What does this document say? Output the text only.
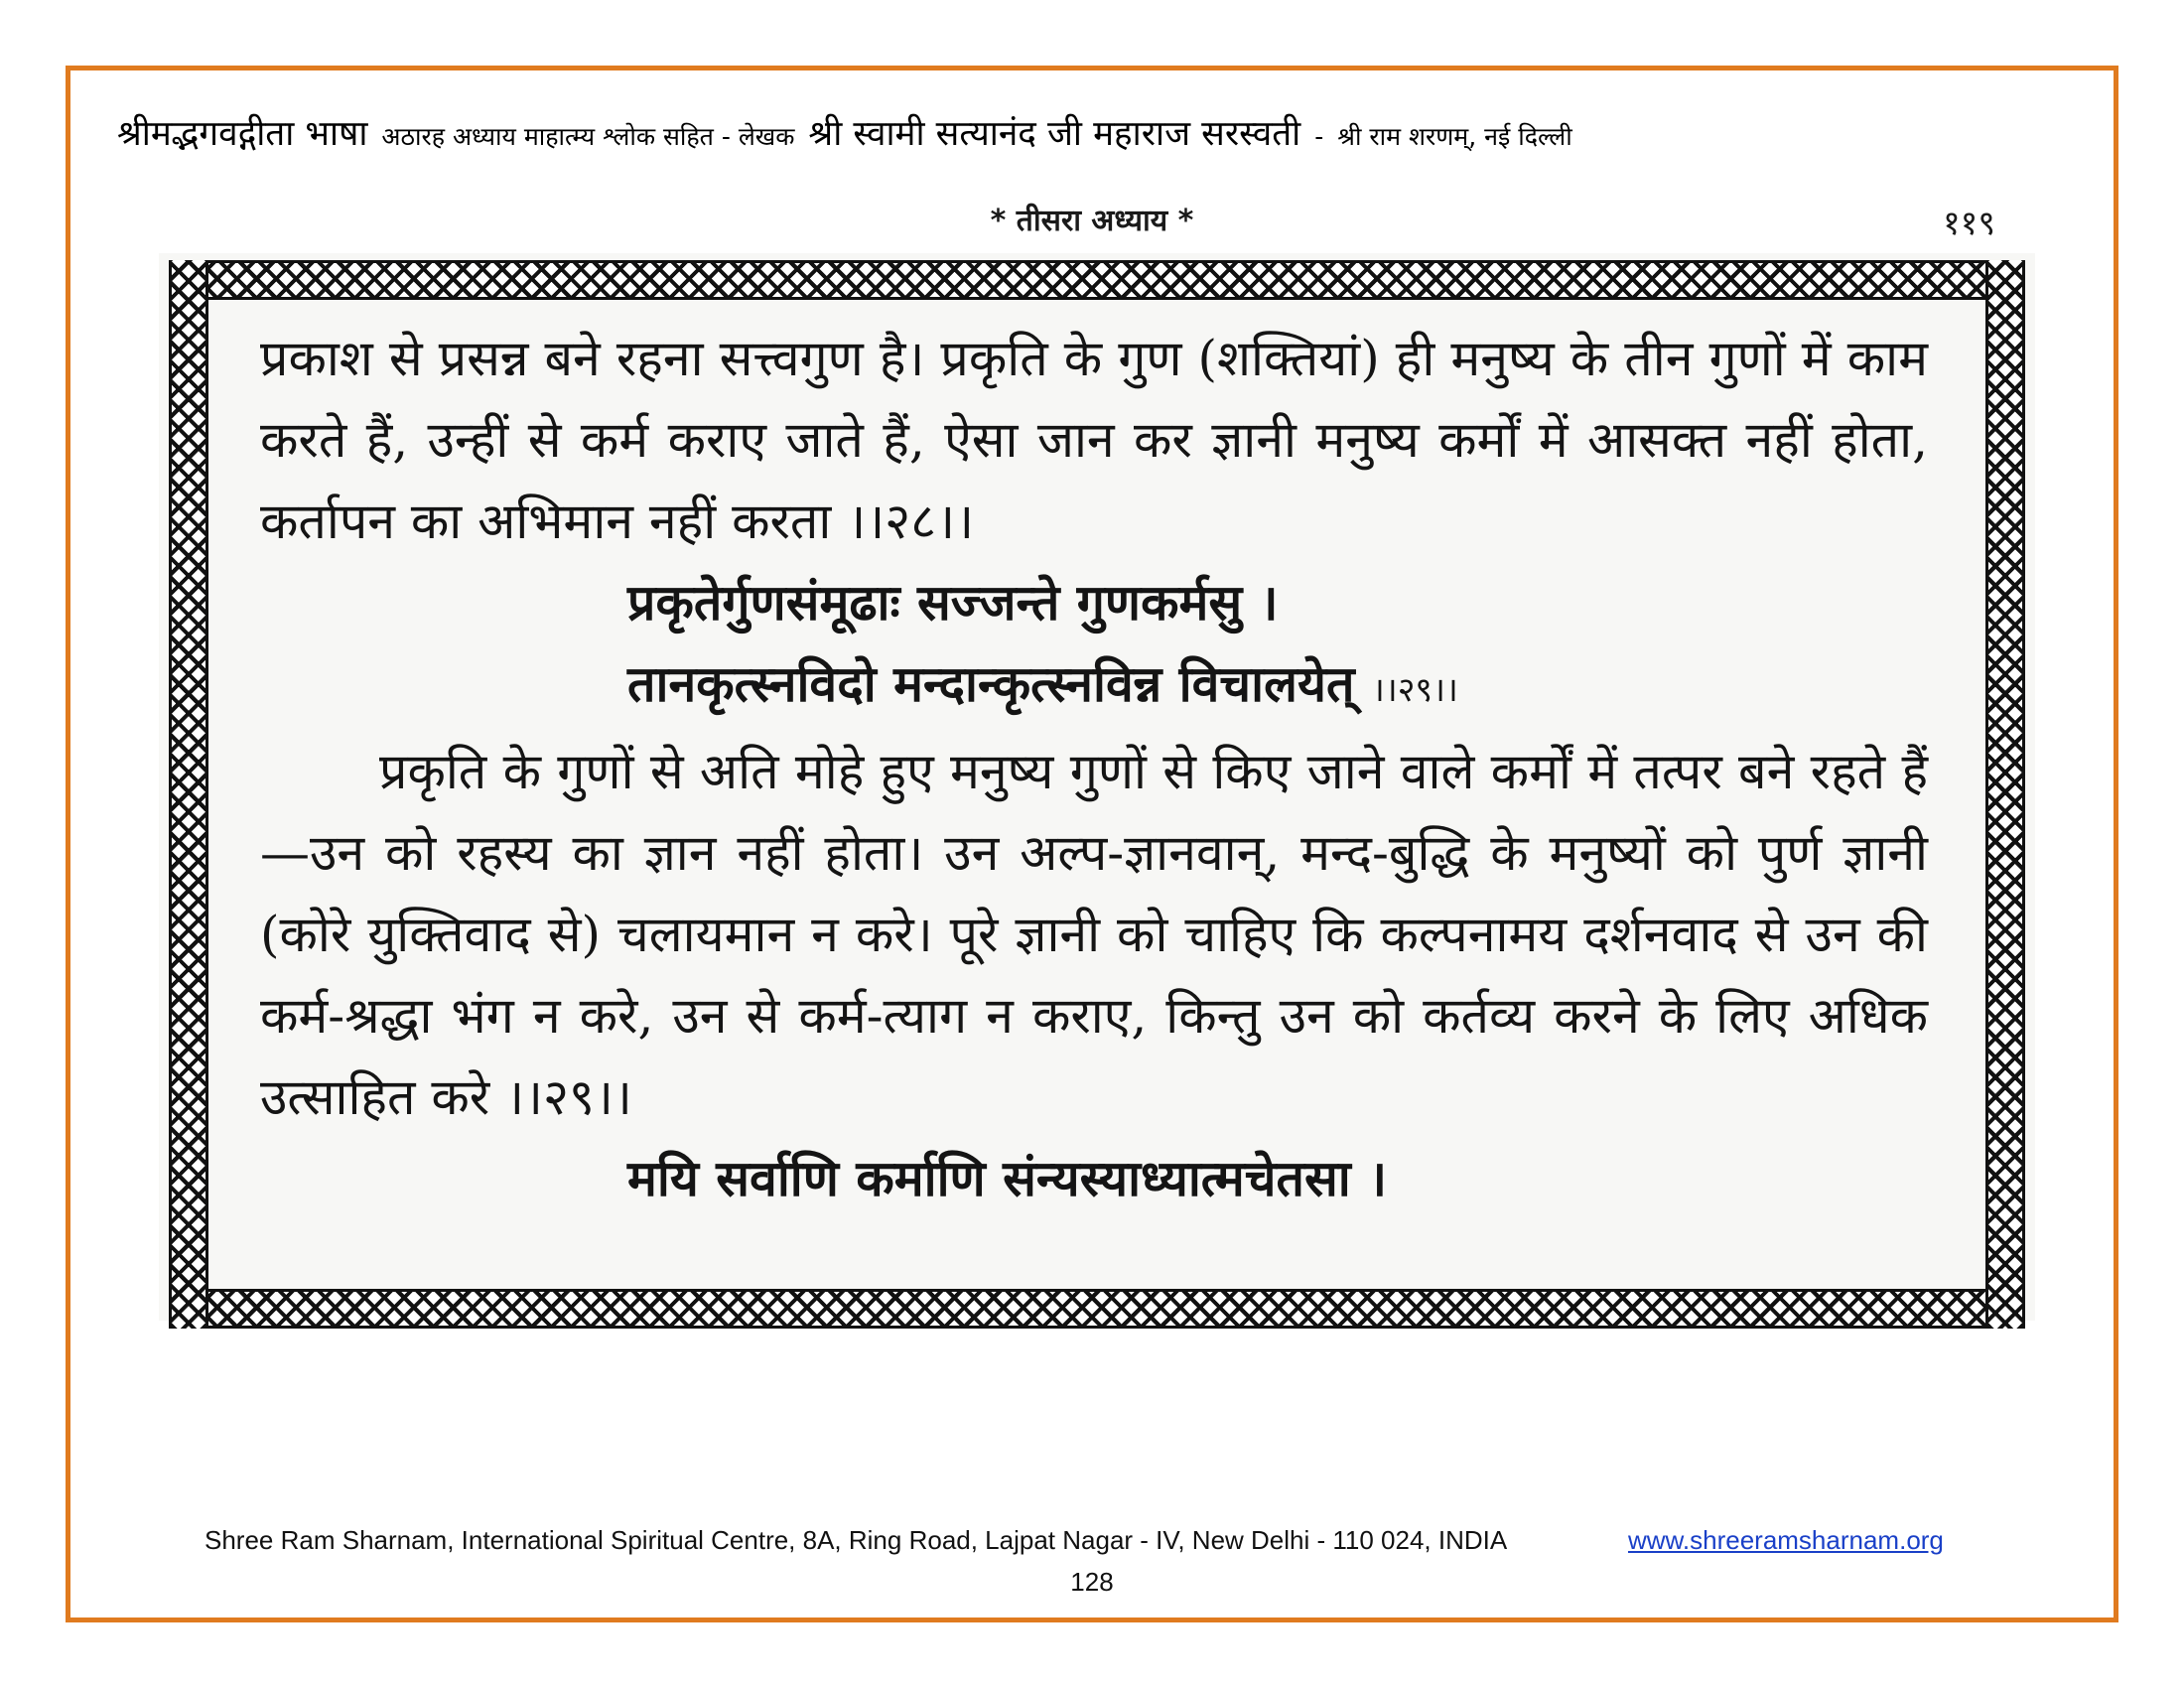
श्रीमद्भगवद्गीता भाषा अठारह अध्याय माहात्म्य श्लोक सहित - लेखक श्री स्वामी सत्यानंद जी महाराज सरस्वती - श्री राम शरणम्, नई दिल्ली
* तीसरा अध्याय *	११९

प्रकाश से प्रसन्न बने रहना सत्त्वगुण है। प्रकृति के गुण (शक्तियां) ही मनुष्य के तीन गुणों में काम करते हैं, उन्हीं से कर्म कराए जाते हैं, ऐसा जान कर ज्ञानी मनुष्य कर्मों में आसक्त नहीं होता, कर्तापन का अभिमान नहीं करता ।।२८।।

प्रकृतेर्गुणसंमूढाः सज्जन्ते गुणकर्मसु ।

तानकृत्स्नविदो मन्दान्कृत्स्नविन्न विचालयेत् ।।२९।।

प्रकृति के गुणों से अति मोहे हुए मनुष्य गुणों से किए जाने वाले कर्मों में तत्पर बने रहते हैं—उन को रहस्य का ज्ञान नहीं होता। उन अल्प-ज्ञानवान्, मन्द-बुद्धि के मनुष्यों को पुर्ण ज्ञानी (कोरे युक्तिवाद से) चलायमान न करे। पूरे ज्ञानी को चाहिए कि कल्पनामय दर्शनवाद से उन की कर्म-श्रद्धा भंग न करे, उन से कर्म-त्याग न कराए, किन्तु उन को कर्तव्य करने के लिए अधिक उत्साहित करे ।।२९।।

मयि सर्वाणि कर्माणि संन्यस्याध्यात्मचेतसा ।

Shree Ram Sharnam, International Spiritual Centre, 8A, Ring Road, Lajpat Nagar - IV, New Delhi - 110 024, INDIA	www.shreeramsharnam.org
128
